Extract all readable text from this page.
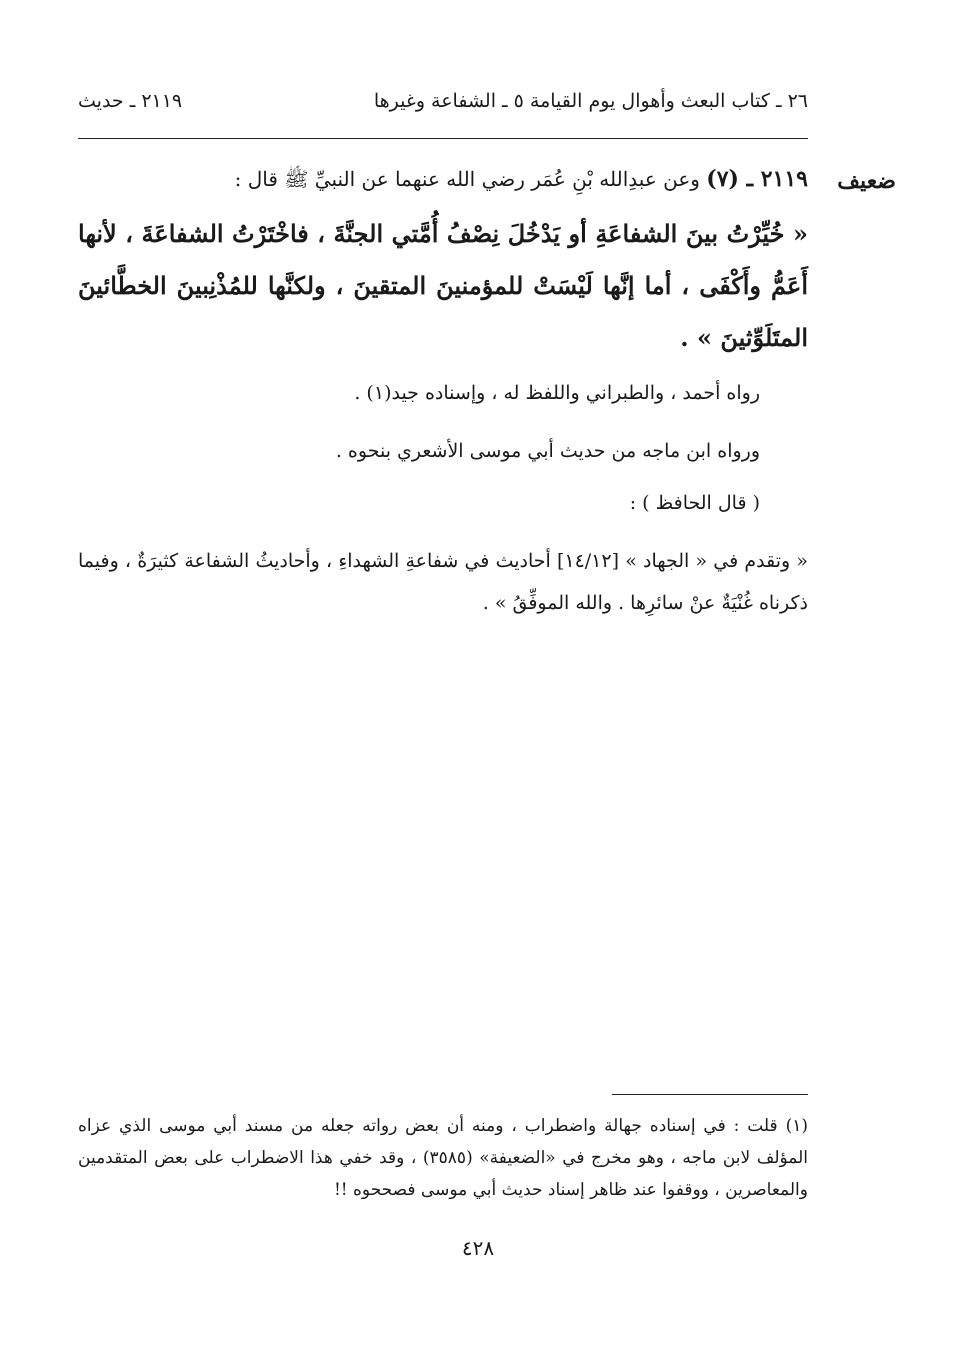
٢٦ ـ كتاب البعث وأهوال يوم القيامة ٥ ـ الشفاعة وغيرها
٢١١٩ ـ حديث
ضعيف
٢١١٩ ـ (٧) وعن عبدِالله بْنِ عُمَر رضي الله عنهما عن النبيِّ ﷺ قال :
« خُيِّرْتُ بينَ الشفاعَةِ أو يَدْخُلَ نِصْفُ أُمَّتي الجنَّةَ ، فاخْتَرْتُ الشفاعَةَ ، لأنها أَعَمُّ وأَكْفَى ، أما إنَّها لَيْسَتْ للمؤمنينَ المتقينَ ، ولكنَّها للمُذْنِبينَ الخطَّائينَ المتَلَوِّثينَ » .
رواه أحمد ، والطبراني واللفظ له ، وإسناده جيد(١) .
ورواه ابن ماجه من حديث أبي موسى الأشعري بنحوه .
( قال الحافظ ) :
« وتقدم في « الجهاد » [١٤/١٢] أحاديث في شفاعةِ الشهداءِ ، وأحاديثُ الشفاعة كثيرَةٌ ، وفيما ذكرناه غُنْيَةٌ عنْ سائرِها . والله الموفِّقُ » .
(١) قلت : في إسناده جهالة واضطراب ، ومنه أن بعض رواته جعله من مسند أبي موسى الذي عزاه المؤلف لابن ماجه ، وهو مخرج في «الضعيفة» (٣٥٨٥) ، وقد خفي هذا الاضطراب على بعض المتقدمين والمعاصرين ، ووقفوا عند ظاهر إسناد حديث أبي موسى فصححوه !!
٤٢٨
